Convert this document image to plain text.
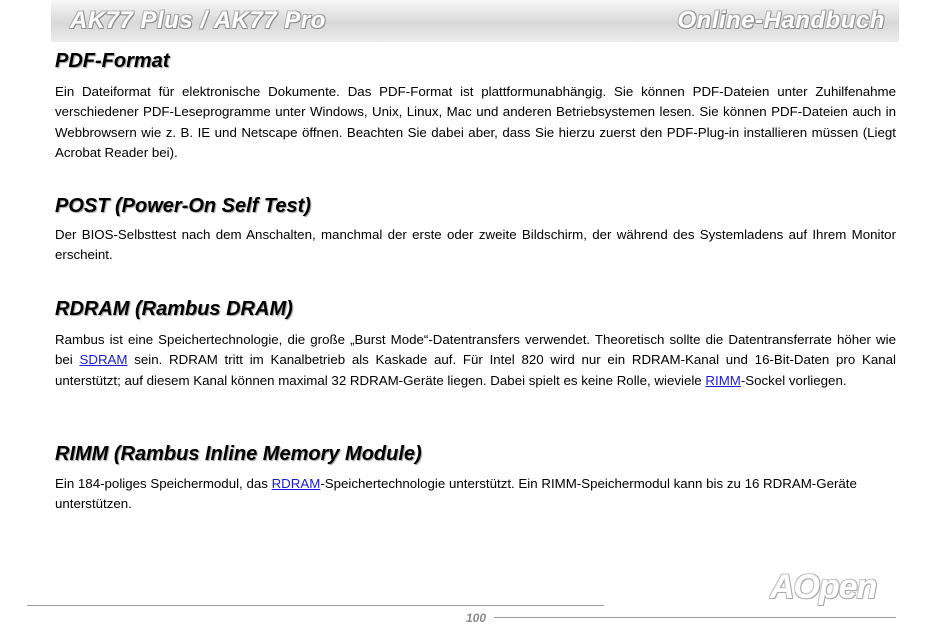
AK77 Plus / AK77 Pro	Online-Handbuch
PDF-Format

Ein Dateiformat für elektronische Dokumente. Das PDF-Format ist plattformunabhängig. Sie können PDF-Dateien unter Zuhilfenahme verschiedener PDF-Leseprogramme unter Windows, Unix, Linux, Mac und anderen Betriebsystemen lesen. Sie können PDF-Dateien auch in Webbrowsern wie z. B. IE und Netscape öffnen. Beachten Sie dabei aber, dass Sie hierzu zuerst den PDF-Plug-in installieren müssen (Liegt Acrobat Reader bei).

POST (Power-On Self Test)

Der BIOS-Selbsttest nach dem Anschalten, manchmal der erste oder zweite Bildschirm, der während des Systemladens auf Ihrem Monitor erscheint.

RDRAM (Rambus DRAM)

Rambus ist eine Speichertechnologie, die große „Burst Mode“-Datentransfers verwendet. Theoretisch sollte die Datentransferrate höher wie bei SDRAM sein. RDRAM tritt im Kanalbetrieb als Kaskade auf. Für Intel 820 wird nur ein RDRAM-Kanal und 16-Bit-Daten pro Kanal unterstützt; auf diesem Kanal können maximal 32 RDRAM-Geräte liegen. Dabei spielt es keine Rolle, wieviele RIMM-Sockel vorliegen.

RIMM (Rambus Inline Memory Module)

Ein 184-poliges Speichermodul, das RDRAM-Speichertechnologie unterstützt. Ein RIMM-Speichermodul kann bis zu 16 RDRAM-Geräte unterstützen.

AOpen
100
